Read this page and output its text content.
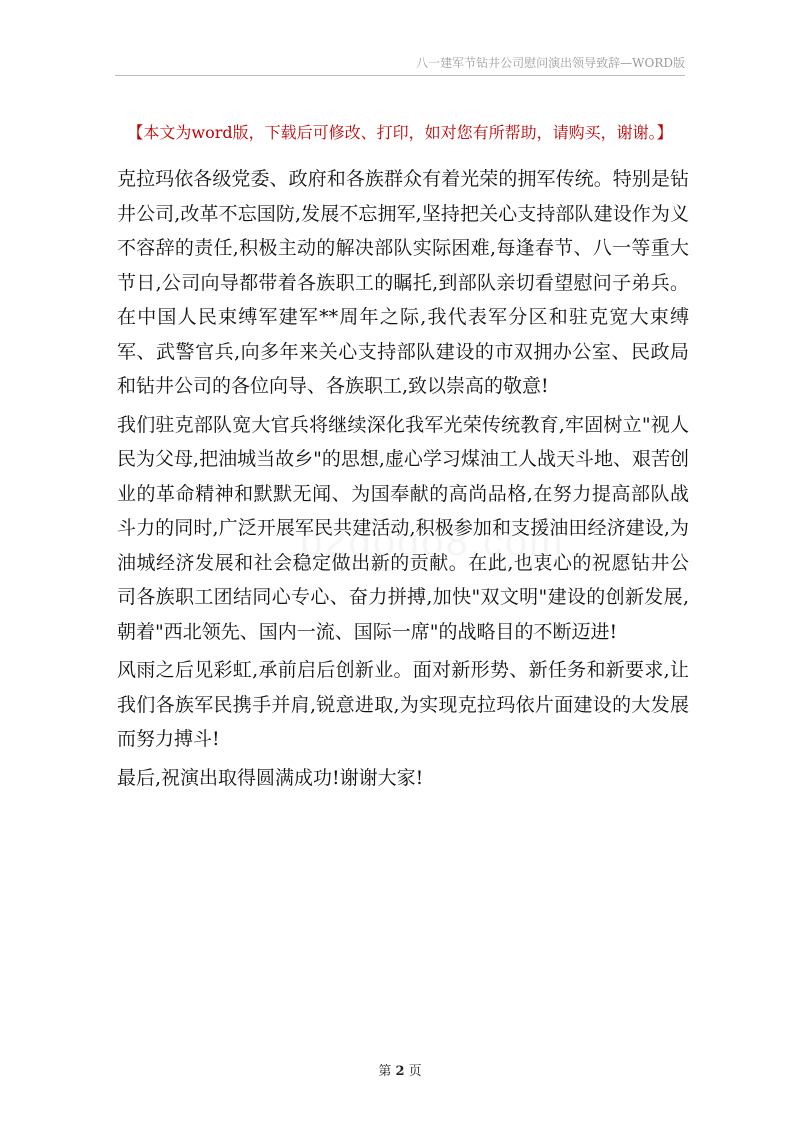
八一建军节钻井公司慰问演出领导致辞—WORD版
【本文为word版，下载后可修改、打印，如对您有所帮助，请购买，谢谢。】

克拉玛依各级党委、政府和各族群众有着光荣的拥军传统。特别是钻井公司,改革不忘国防,发展不忘拥军,坚持把关心支持部队建设作为义不容辞的责任,积极主动的解决部队实际困难,每逢春节、八一等重大节日,公司向导都带着各族职工的瞩托,到部队亲切看望慰问子弟兵。在中国人民束缚军建军**周年之际,我代表军分区和驻克宽大束缚军、武警官兵,向多年来关心支持部队建设的市双拥办公室、民政局和钻井公司的各位向导、各族职工,致以崇高的敬意!

我们驻克部队宽大官兵将继续深化我军光荣传统教育,牢固树立"视人民为父母,把油城当故乡"的思想,虚心学习煤油工人战天斗地、艰苦创业的革命精神和默默无闻、为国奉献的高尚品格,在努力提高部队战斗力的同时,广泛开展军民共建活动,积极参加和支援油田经济建设,为油城经济发展和社会稳定做出新的贡献。在此,也衷心的祝愿钻井公司各族职工团结同心专心、奋力拼搏,加快"双文明"建设的创新发展,朝着"西北领先、国内一流、国际一席"的战略目的不断迈进!

风雨之后见彩虹,承前启后创新业。面对新形势、新任务和新要求,让我们各族军民携手并肩,锐意进取,为实现克拉玛依片面建设的大发展而努力搏斗!

最后,祝演出取得圆满成功!谢谢大家!

第 2 页
